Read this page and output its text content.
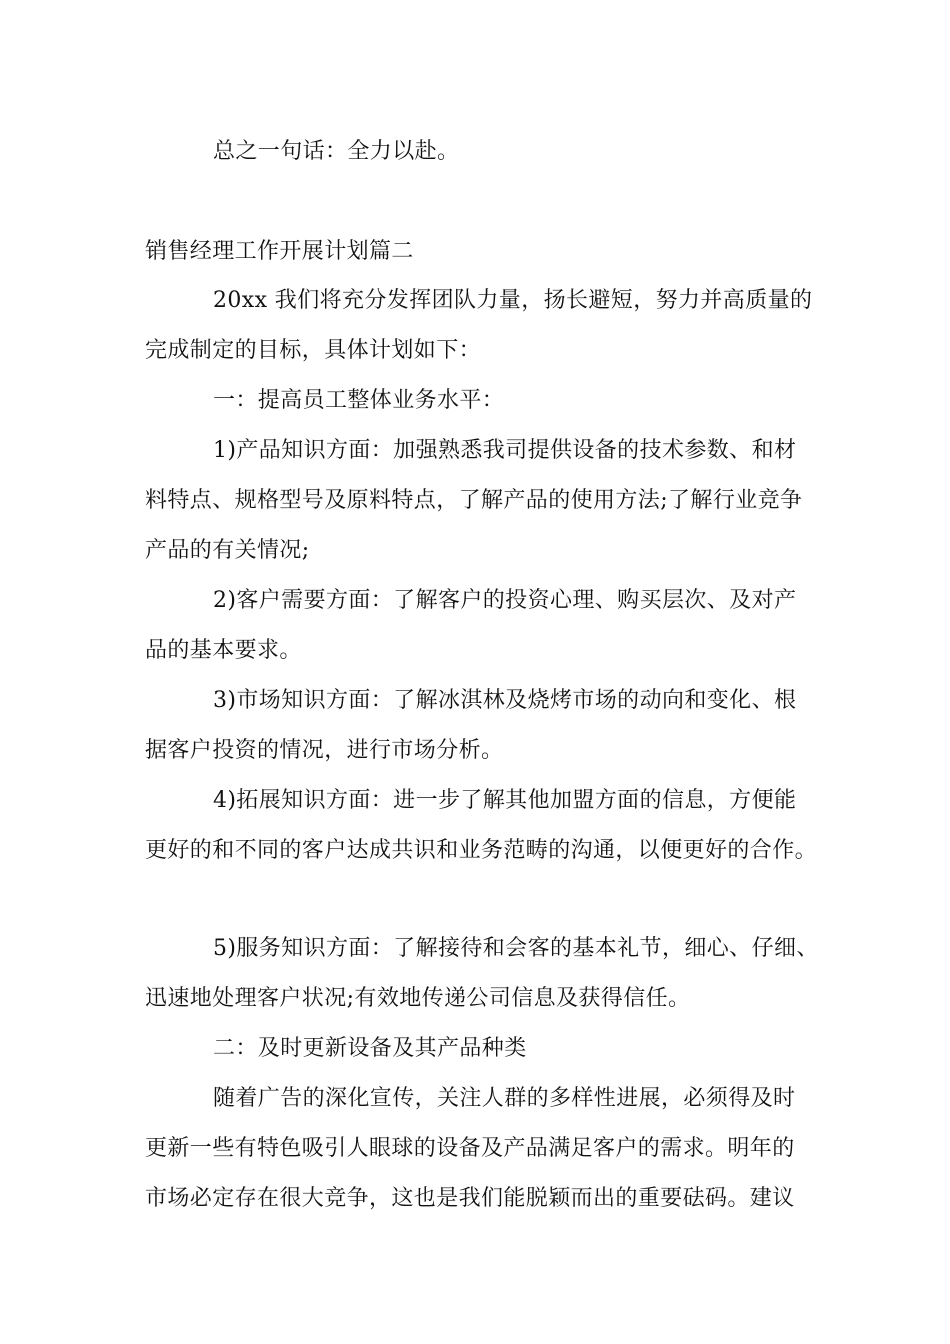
总之一句话：全力以赴。
销售经理工作开展计划篇二
20xx 我们将充分发挥团队力量，扬长避短，努力并高质量的
完成制定的目标，具体计划如下：
一：提高员工整体业务水平：
1)产品知识方面：加强熟悉我司提供设备的技术参数、和材
料特点、规格型号及原料特点，了解产品的使用方法;了解行业竞争
产品的有关情况;
2)客户需要方面：了解客户的投资心理、购买层次、及对产
品的基本要求。
3)市场知识方面：了解冰淇林及烧烤市场的动向和变化、根
据客户投资的情况，进行市场分析。
4)拓展知识方面：进一步了解其他加盟方面的信息，方便能
更好的和不同的客户达成共识和业务范畴的沟通，以便更好的合作。
5)服务知识方面：了解接待和会客的基本礼节，细心、仔细、
迅速地处理客户状况;有效地传递公司信息及获得信任。
二：及时更新设备及其产品种类
随着广告的深化宣传，关注人群的多样性进展，必须得及时
更新一些有特色吸引人眼球的设备及产品满足客户的需求。明年的
市场必定存在很大竞争，这也是我们能脱颖而出的重要砝码。建议
